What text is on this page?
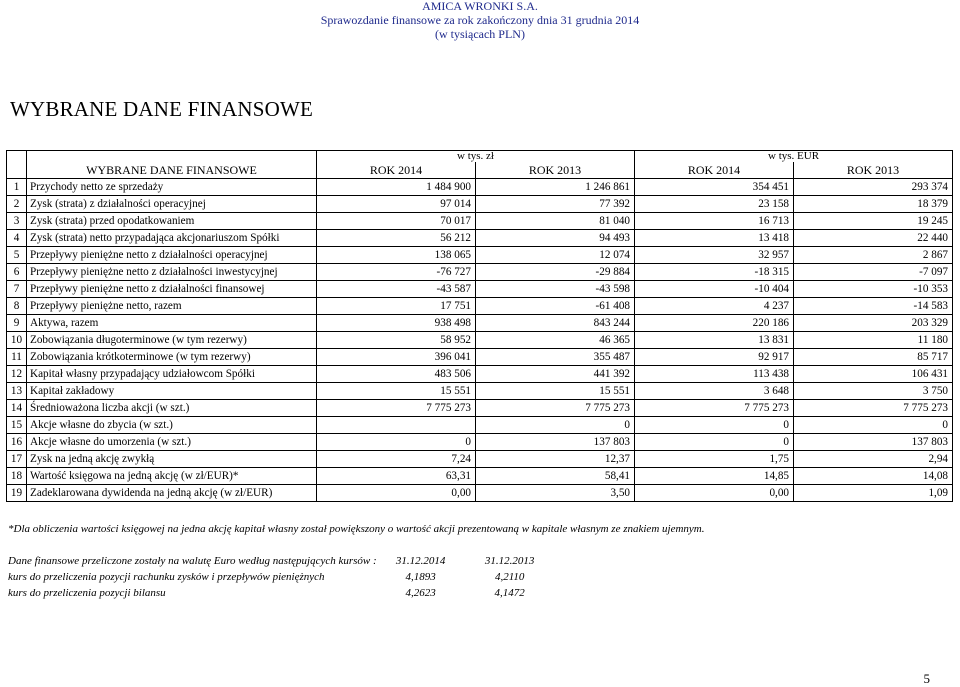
AMICA WRONKI S.A.
Sprawozdanie finansowe za rok zakończony dnia 31 grudnia 2014
(w tysiącach PLN)
WYBRANE DANE FINANSOWE
		w tys. zł		w tys. EUR	
	WYBRANE DANE FINANSOWE	ROK 2014	ROK 2013	ROK 2014	ROK 2013
1	Przychody netto ze sprzedaży	1 484 900	1 246 861	354 451	293 374
2	Zysk (strata) z działalności operacyjnej	97 014	77 392	23 158	18 379
3	Zysk (strata) przed opodatkowaniem	70 017	81 040	16 713	19 245
4	Zysk (strata) netto przypadająca akcjonariuszom Spółki	56 212	94 493	13 418	22 440
5	Przepływy pieniężne netto z działalności operacyjnej	138 065	12 074	32 957	2 867
6	Przepływy pieniężne netto z działalności inwestycyjnej	-76 727	-29 884	-18 315	-7 097
7	Przepływy pieniężne netto z działalności finansowej	-43 587	-43 598	-10 404	-10 353
8	Przepływy pieniężne netto, razem	17 751	-61 408	4 237	-14 583
9	Aktywa, razem	938 498	843 244	220 186	203 329
10	Zobowiązania długoterminowe (w tym rezerwy)	58 952	46 365	13 831	11 180
11	Zobowiązania krótkoterminowe (w tym rezerwy)	396 041	355 487	92 917	85 717
12	Kapitał własny przypadający udziałowcom Spółki	483 506	441 392	113 438	106 431
13	Kapitał zakładowy	15 551	15 551	3 648	3 750
14	Średnioważona liczba akcji (w szt.)	7 775 273	7 775 273	7 775 273	7 775 273
15	Akcje własne do zbycia (w szt.)		0	0	0
16	Akcje własne do umorzenia (w szt.)	0	137 803	0	137 803
17	Zysk na jedną akcję zwykłą	7,24	12,37	1,75	2,94
18	Wartość księgowa na jedną akcję (w zł/EUR)*	63,31	58,41	14,85	14,08
19	Zadeklarowana dywidenda na jedną akcję (w zł/EUR)	0,00	3,50	0,00	1,09
*Dla obliczenia wartości księgowej na jedna akcję kapitał własny został powiększony o wartość akcji prezentowaną w kapitale własnym ze znakiem ujemnym.
Dane finansowe przeliczone zostały na walutę Euro według następujących kursów :	31.12.2014	31.12.2013
kurs do przeliczenia pozycji rachunku zysków i przepływów pieniężnych	4,1893	4,2110
kurs do przeliczenia pozycji bilansu	4,2623	4,1472
5
